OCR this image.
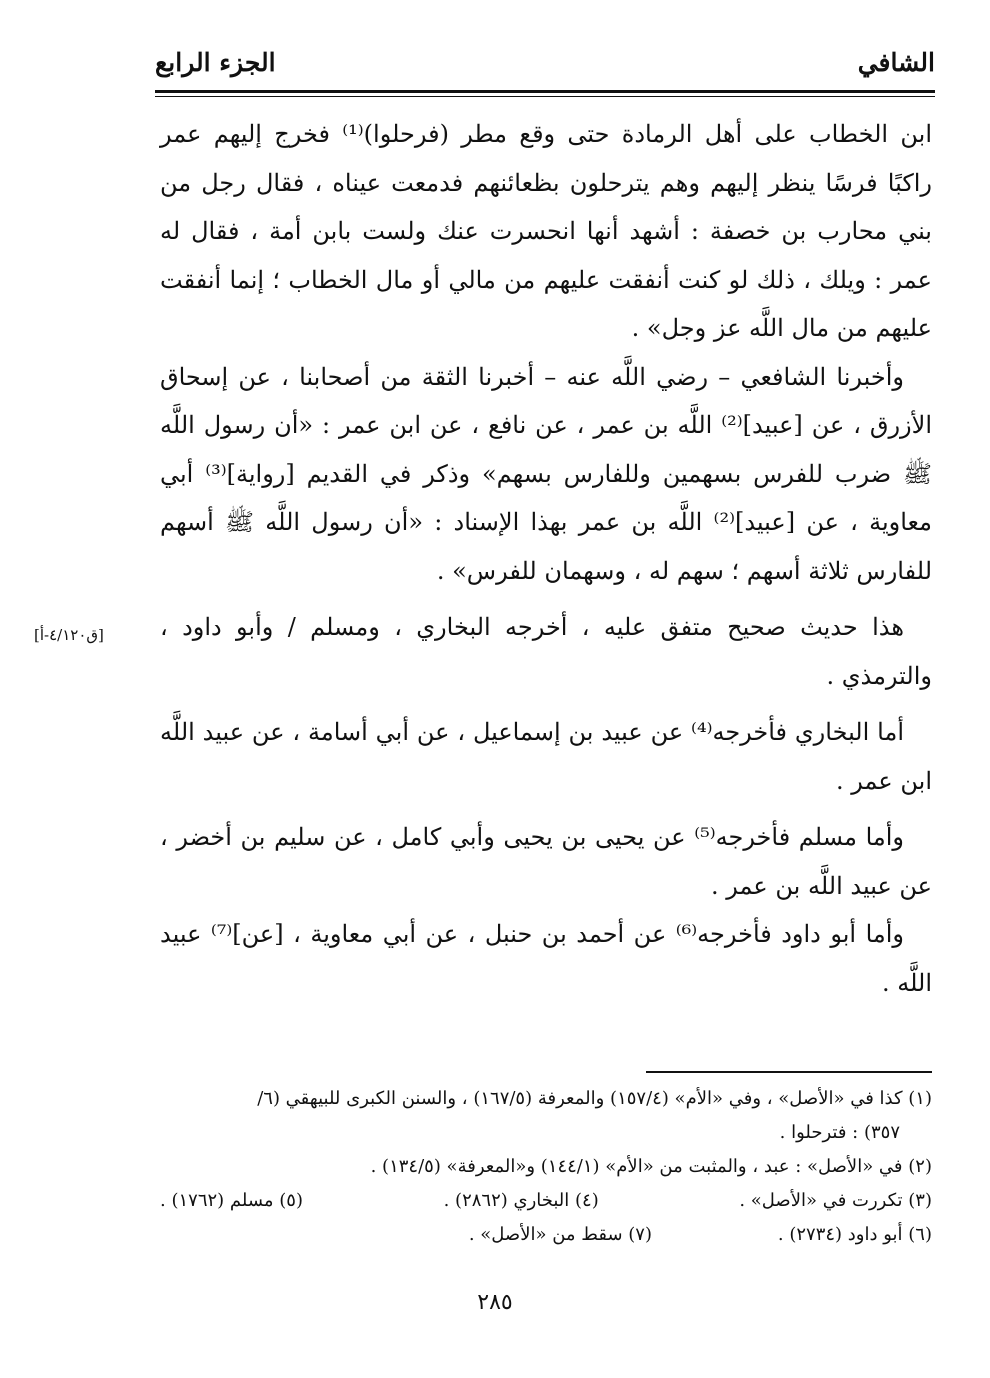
الشافي
الجزء الرابع

ابن الخطاب على أهل الرمادة حتى وقع مطر (فرحلوا)⁽¹⁾ فخرج إليهم عمر راكبًا فرسًا ينظر إليهم وهم يترحلون بظعائنهم فدمعت عيناه ، فقال رجل من بني محارب بن خصفة : أشهد أنها انحسرت عنك ولست بابن أمة ، فقال له عمر : ويلك ، ذلك لو كنت أنفقت عليهم من مالي أو مال الخطاب ؛ إنما أنفقت عليهم من مال اللَّه عز وجل» .

وأخبرنا الشافعي – رضي اللَّه عنه – أخبرنا الثقة من أصحابنا ، عن إسحاق الأزرق ، عن [عبيد]⁽²⁾ اللَّه بن عمر ، عن نافع ، عن ابن عمر : «أن رسول اللَّه ﷺ ضرب للفرس بسهمين وللفارس بسهم» وذكر في القديم [رواية]⁽³⁾ أبي معاوية ، عن [عبيد]⁽²⁾ اللَّه بن عمر بهذا الإسناد : «أن رسول اللَّه ﷺ أسهم للفارس ثلاثة أسهم ؛ سهم له ، وسهمان للفرس» .

هذا حديث صحيح متفق عليه ، أخرجه البخاري ، ومسلم / وأبو داود ، والترمذي .

أما البخاري فأخرجه⁽⁴⁾ عن عبيد بن إسماعيل ، عن أبي أسامة ، عن عبيد اللَّه ابن عمر .

وأما مسلم فأخرجه⁽⁵⁾ عن يحيى بن يحيى وأبي كامل ، عن سليم بن أخضر ، عن عبيد اللَّه بن عمر .

وأما أبو داود فأخرجه⁽⁶⁾ عن أحمد بن حنبل ، عن أبي معاوية ، [عن]⁽⁷⁾ عبيد اللَّه .

[ق٤/١٢٠-أ]

(١) كذا في «الأصل» ، وفي «الأم» (١٥٧/٤) والمعرفة (١٦٧/٥) ، والسنن الكبرى للبيهقي (٦/

٣٥٧) : فترحلوا .

(٢) في «الأصل» : عبد ، والمثبت من «الأم» (١٤٤/١) و«المعرفة» (١٣٤/٥) .

(٣) تكررت في «الأصل» .
(٤) البخاري (٢٨٦٢) .
(٥) مسلم (١٧٦٢) .
(٦) أبو داود (٢٧٣٤) .
(٧) سقط من «الأصل» .
٢٨٥
